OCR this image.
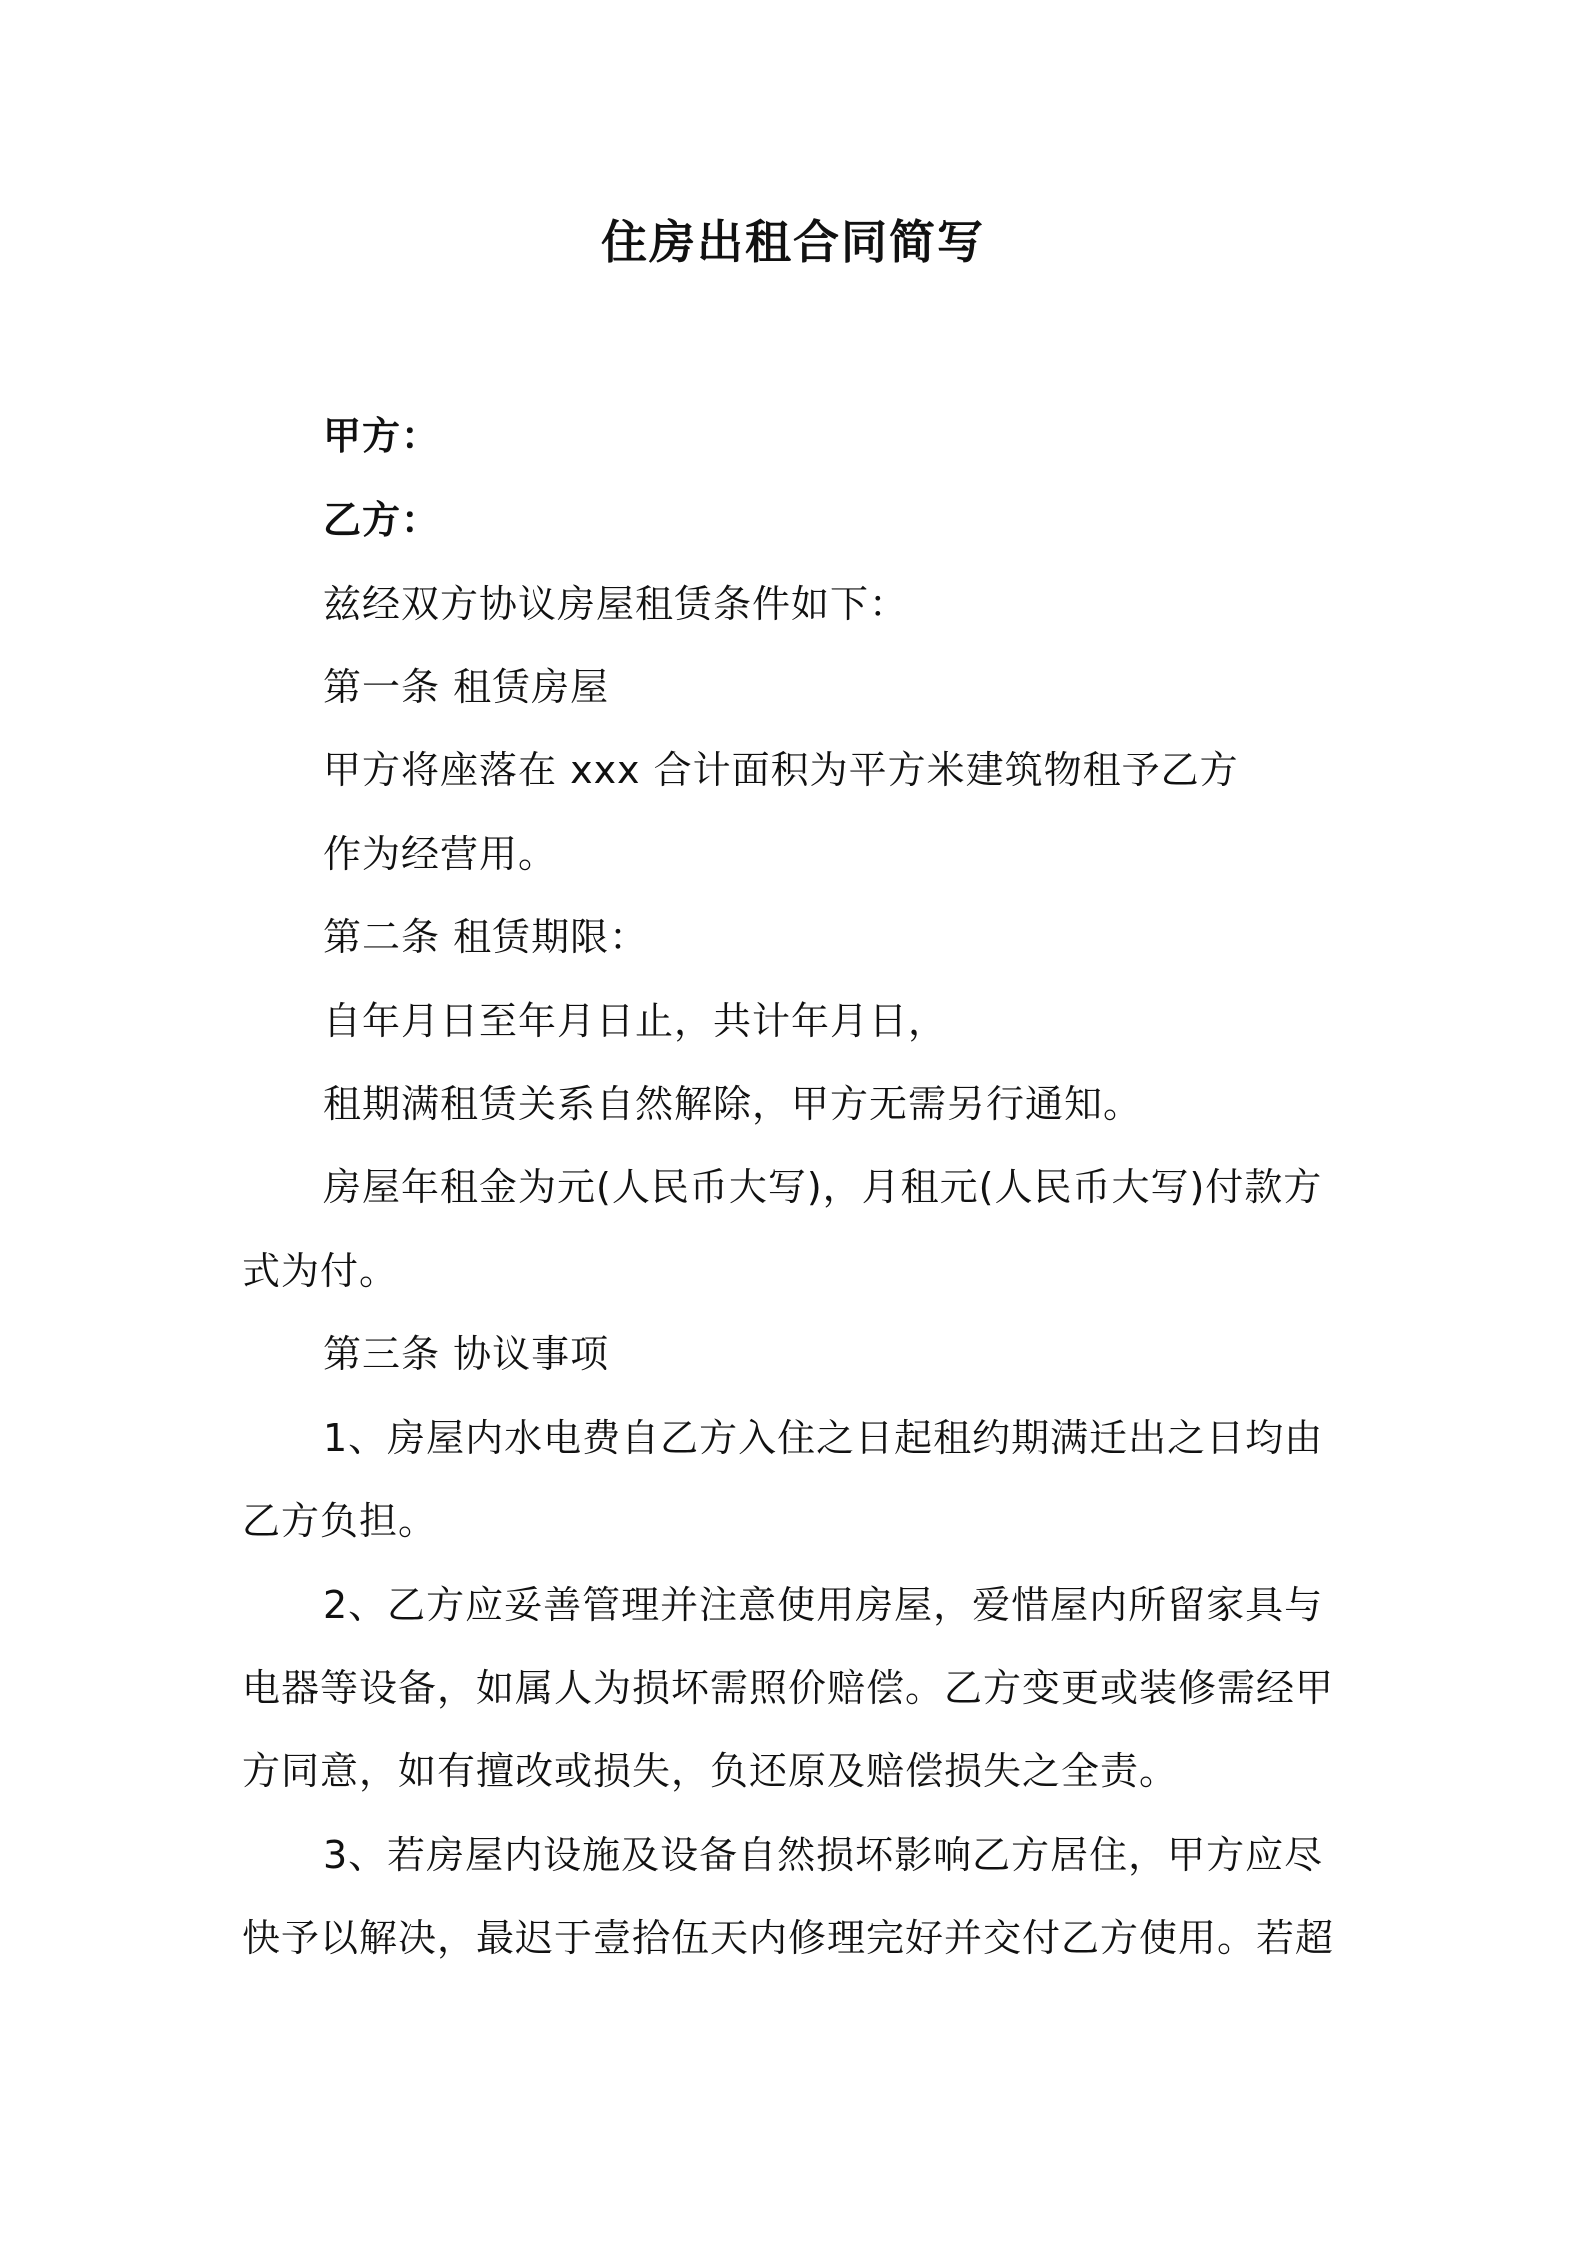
住房出租合同简写
甲方：
乙方：
兹经双方协议房屋租赁条件如下：
第一条 租赁房屋
甲方将座落在 xxx 合计面积为平方米建筑物租予乙方
作为经营用。
第二条 租赁期限：
自年月日至年月日止，共计年月日，
租期满租赁关系自然解除，甲方无需另行通知。
房屋年租金为元(人民币大写)，月租元(人民币大写)付款方
式为付。
第三条 协议事项
1、房屋内水电费自乙方入住之日起租约期满迁出之日均由
乙方负担。
2、乙方应妥善管理并注意使用房屋，爱惜屋内所留家具与
电器等设备，如属人为损坏需照价赔偿。乙方变更或装修需经甲
方同意，如有擅改或损失，负还原及赔偿损失之全责。
3、若房屋内设施及设备自然损坏影响乙方居住，甲方应尽
快予以解决，最迟于壹拾伍天内修理完好并交付乙方使用。若超
